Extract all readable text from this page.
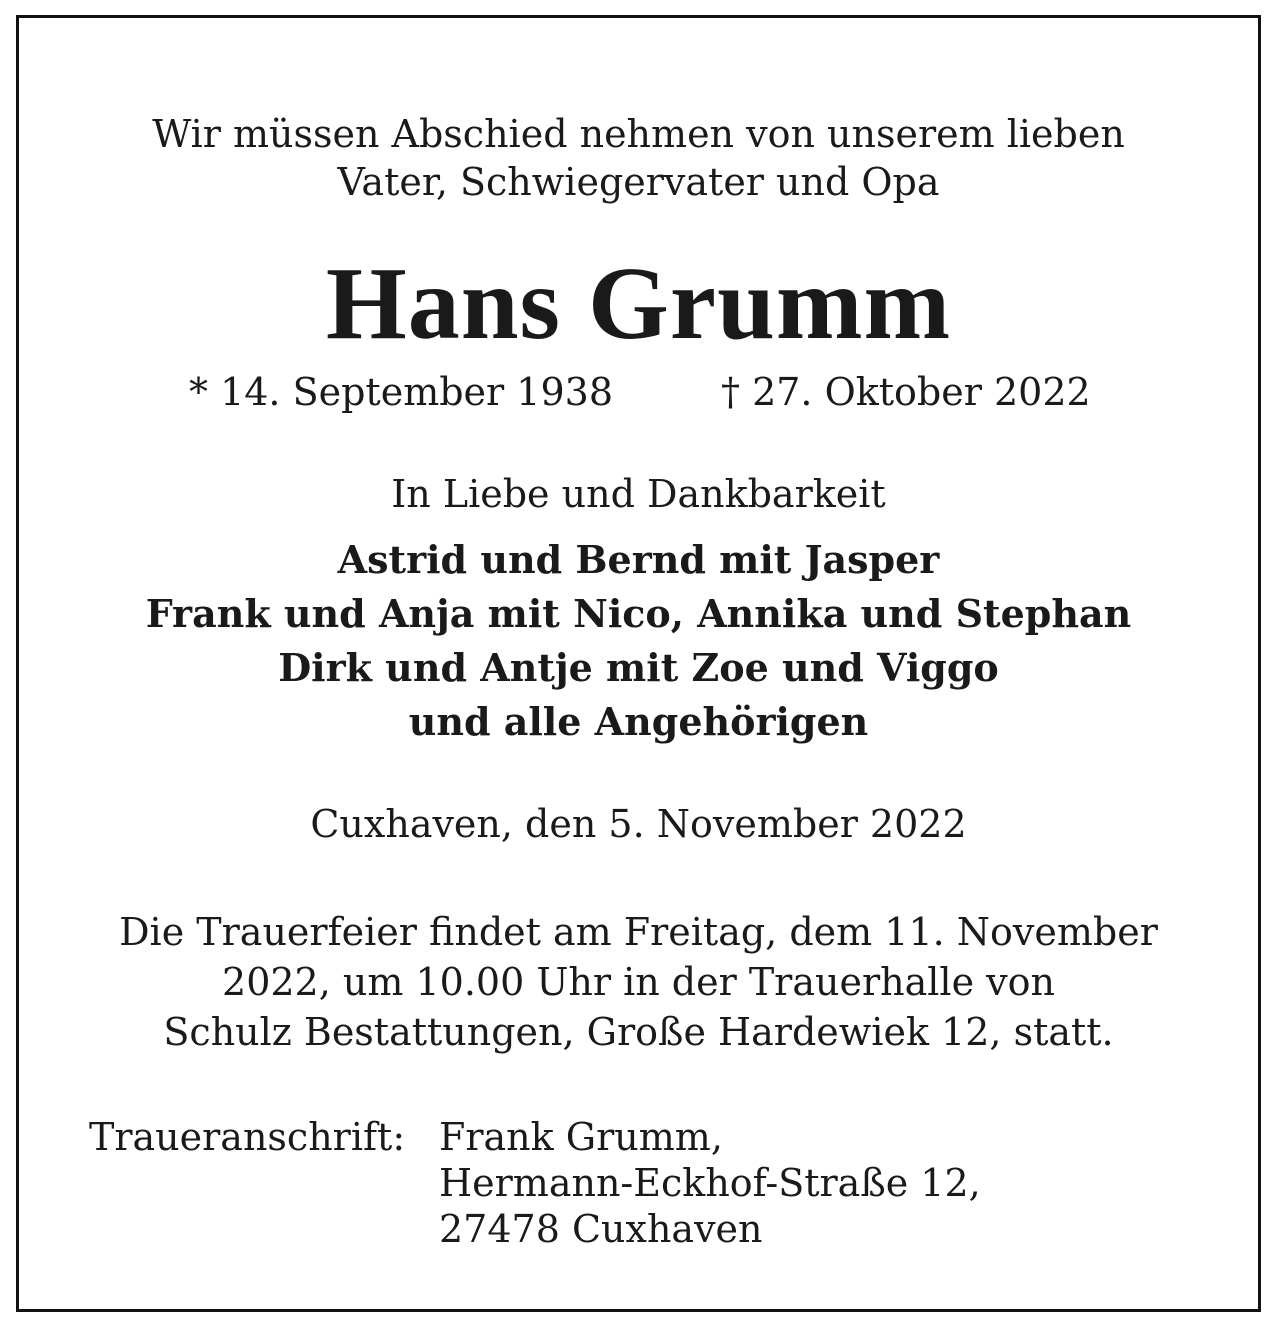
Wir müssen Abschied nehmen von unserem lieben
Vater, Schwiegervater und Opa
Hans Grumm
* 14. September 1938	† 27. Oktober 2022
In Liebe und Dankbarkeit
Astrid und Bernd mit Jasper
Frank und Anja mit Nico, Annika und Stephan
Dirk und Antje mit Zoe und Viggo
und alle Angehörigen
Cuxhaven, den 5. November 2022
Die Trauerfeier findet am Freitag, dem 11. November
2022, um 10.00 Uhr in der Trauerhalle von
Schulz Bestattungen, Große Hardewiek 12, statt.
Traueranschrift: Frank Grumm,
Hermann-Eckhof-Straße 12,
27478 Cuxhaven
